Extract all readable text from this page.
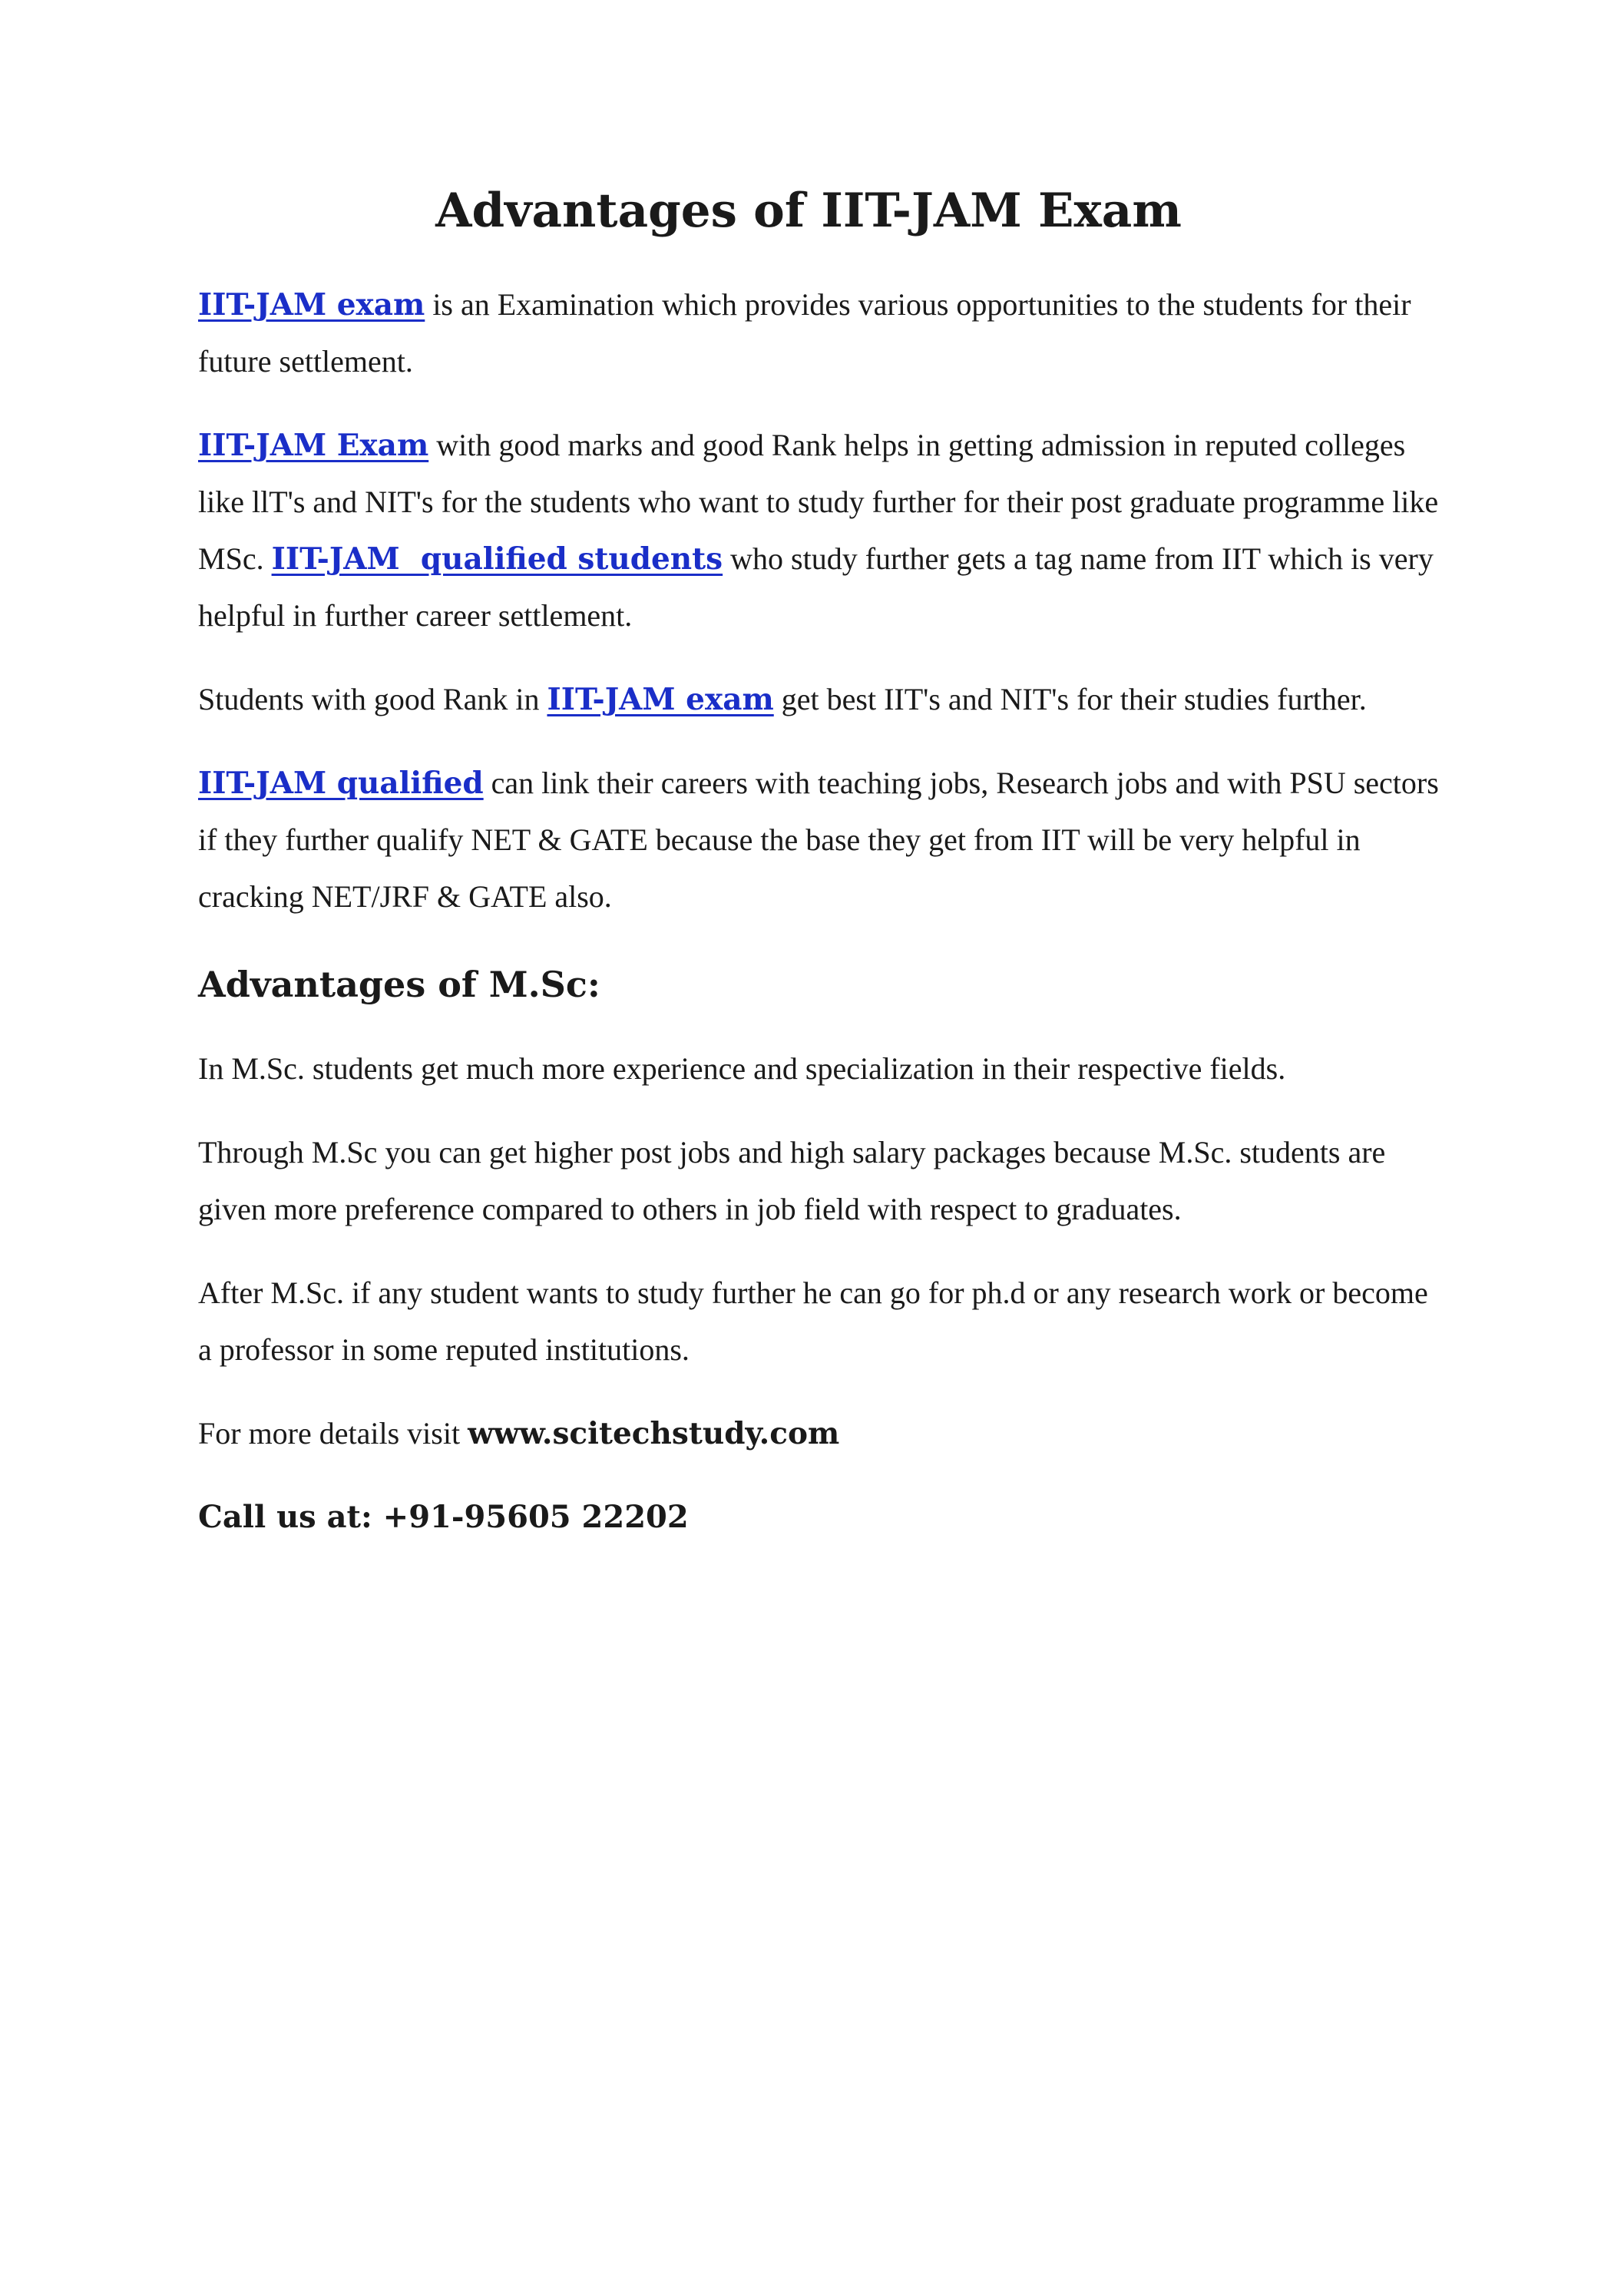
Advantages of IIT-JAM Exam

IIT-JAM exam is an Examination which provides various opportunities to the students for their future settlement.

IIT-JAM Exam with good marks and good Rank helps in getting admission in reputed colleges like llT's and NIT's for the students who want to study further for their post graduate programme like MSc. IIT-JAM  qualified students who study further gets a tag name from IIT which is very helpful in further career settlement.

Students with good Rank in IIT-JAM exam get best IIT's and NIT's for their studies further.

IIT-JAM qualified can link their careers with teaching jobs, Research jobs and with PSU sectors if they further qualify NET & GATE because the base they get from IIT will be very helpful in cracking NET/JRF & GATE also.

Advantages of M.Sc:

In M.Sc. students get much more experience and specialization in their respective fields.

Through M.Sc you can get higher post jobs and high salary packages because M.Sc. students are given more preference compared to others in job field with respect to graduates.

After M.Sc. if any student wants to study further he can go for ph.d or any research work or become a professor in some reputed institutions.

For more details visit www.scitechstudy.com

Call us at: +91-95605 22202
